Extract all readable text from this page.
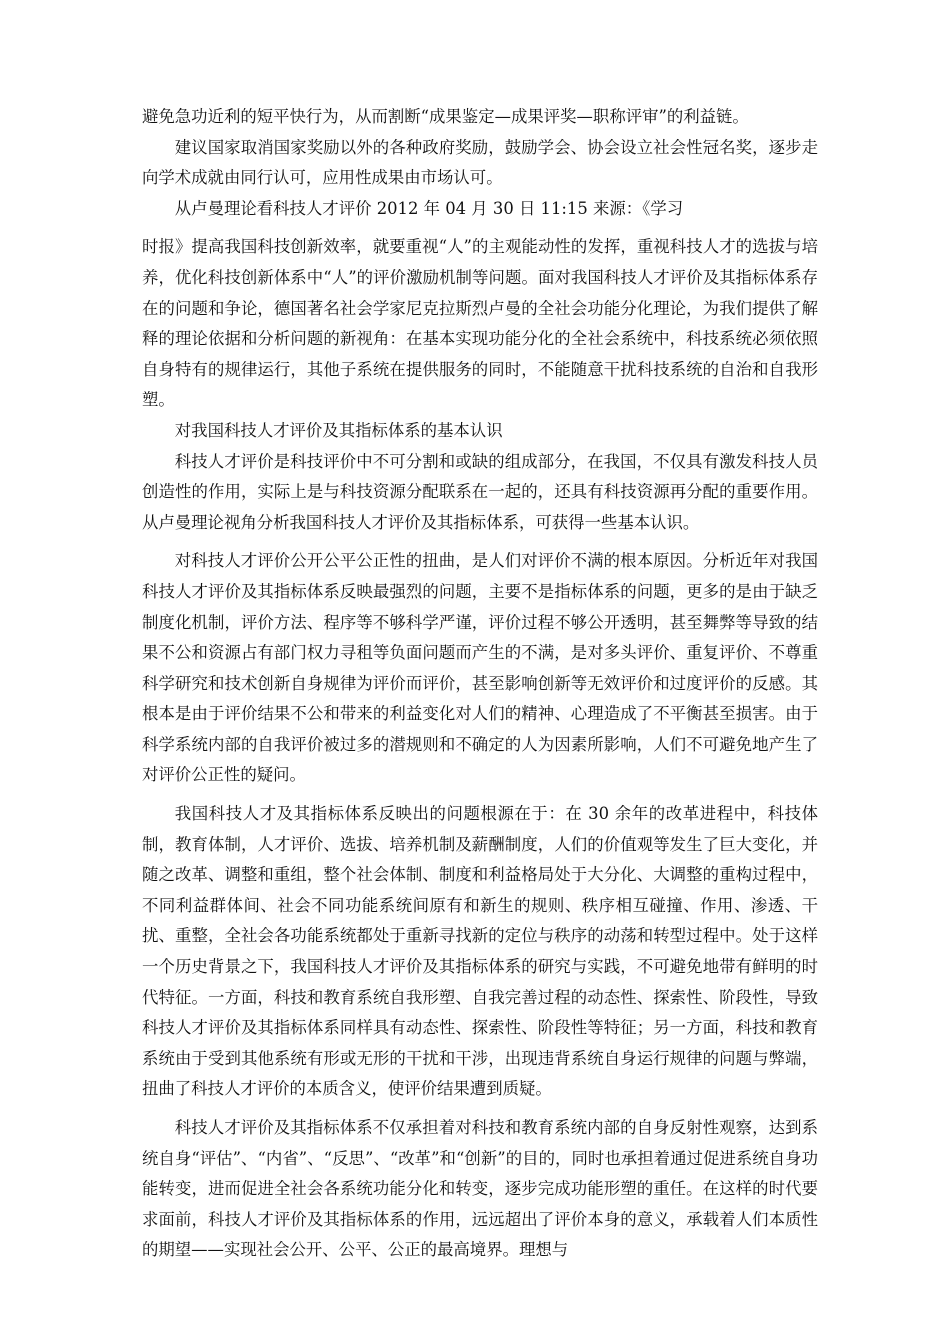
避免急功近利的短平快行为，从而割断“成果鉴定—成果评奖—职称评审”的利益链。

建议国家取消国家奖励以外的各种政府奖励，鼓励学会、协会设立社会性冠名奖，逐步走向学术成就由同行认可，应用性成果由市场认可。

从卢曼理论看科技人才评价 2012 年 04 月 30 日 11:15 来源：《学习

时报》提高我国科技创新效率，就要重视“人”的主观能动性的发挥，重视科技人才的选拔与培养，优化科技创新体系中“人”的评价激励机制等问题。面对我国科技人才评价及其指标体系存在的问题和争论，德国著名社会学家尼克拉斯烈卢曼的全社会功能分化理论，为我们提供了解释的理论依据和分析问题的新视角：在基本实现功能分化的全社会系统中，科技系统必须依照自身特有的规律运行，其他子系统在提供服务的同时，不能随意干扰科技系统的自治和自我形塑。

对我国科技人才评价及其指标体系的基本认识

科技人才评价是科技评价中不可分割和或缺的组成部分，在我国，不仅具有激发科技人员创造性的作用，实际上是与科技资源分配联系在一起的，还具有科技资源再分配的重要作用。从卢曼理论视角分析我国科技人才评价及其指标体系，可获得一些基本认识。

对科技人才评价公开公平公正性的扭曲，是人们对评价不满的根本原因。分析近年对我国科技人才评价及其指标体系反映最强烈的问题，主要不是指标体系的问题，更多的是由于缺乏制度化机制，评价方法、程序等不够科学严谨，评价过程不够公开透明，甚至舞弊等导致的结果不公和资源占有部门权力寻租等负面问题而产生的不满，是对多头评价、重复评价、不尊重科学研究和技术创新自身规律为评价而评价，甚至影响创新等无效评价和过度评价的反感。其根本是由于评价结果不公和带来的利益变化对人们的精神、心理造成了不平衡甚至损害。由于科学系统内部的自我评价被过多的潜规则和不确定的人为因素所影响，人们不可避免地产生了对评价公正性的疑问。

我国科技人才及其指标体系反映出的问题根源在于：在 30 余年的改革进程中，科技体制，教育体制，人才评价、选拔、培养机制及薪酬制度，人们的价值观等发生了巨大变化，并随之改革、调整和重组，整个社会体制、制度和利益格局处于大分化、大调整的重构过程中，不同利益群体间、社会不同功能系统间原有和新生的规则、秩序相互碰撞、作用、渗透、干扰、重整，全社会各功能系统都处于重新寻找新的定位与秩序的动荡和转型过程中。处于这样一个历史背景之下，我国科技人才评价及其指标体系的研究与实践，不可避免地带有鲜明的时代特征。一方面，科技和教育系统自我形塑、自我完善过程的动态性、探索性、阶段性，导致科技人才评价及其指标体系同样具有动态性、探索性、阶段性等特征；另一方面，科技和教育系统由于受到其他系统有形或无形的干扰和干涉，出现违背系统自身运行规律的问题与弊端，扭曲了科技人才评价的本质含义，使评价结果遭到质疑。

科技人才评价及其指标体系不仅承担着对科技和教育系统内部的自身反射性观察，达到系统自身“评估”、“内省”、“反思”、“改革”和“创新”的目的，同时也承担着通过促进系统自身功能转变，进而促进全社会各系统功能分化和转变，逐步完成功能形塑的重任。在这样的时代要求面前，科技人才评价及其指标体系的作用，远远超出了评价本身的意义，承载着人们本质性的期望——实现社会公开、公平、公正的最高境界。理想与
